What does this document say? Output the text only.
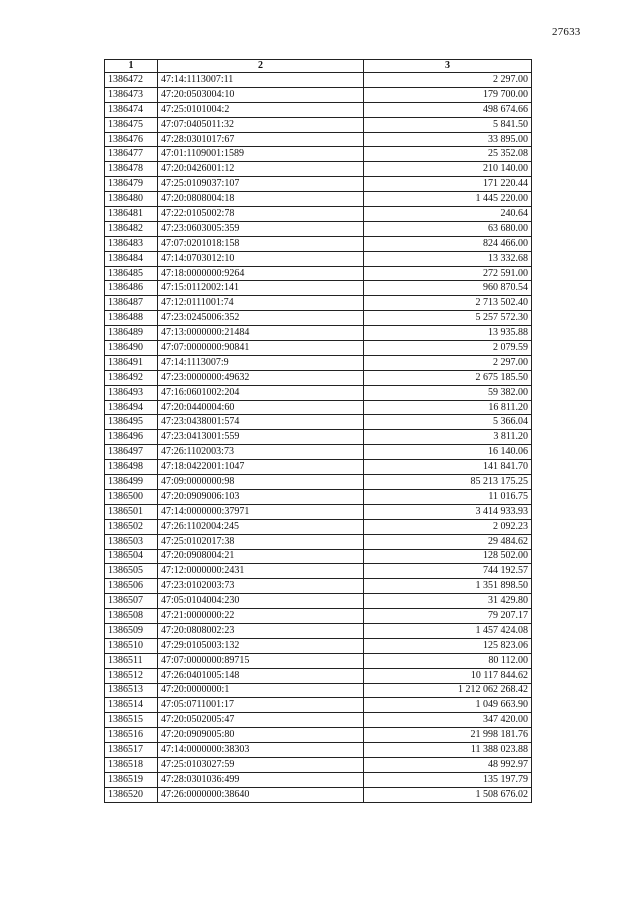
27633
1	2	3
1386472	47:14:1113007:11	2 297.00
1386473	47:20:0503004:10	179 700.00
1386474	47:25:0101004:2	498 674.66
1386475	47:07:0405011:32	5 841.50
1386476	47:28:0301017:67	33 895.00
1386477	47:01:1109001:1589	25 352.08
1386478	47:20:0426001:12	210 140.00
1386479	47:25:0109037:107	171 220.44
1386480	47:20:0808004:18	1 445 220.00
1386481	47:22:0105002:78	240.64
1386482	47:23:0603005:359	63 680.00
1386483	47:07:0201018:158	824 466.00
1386484	47:14:0703012:10	13 332.68
1386485	47:18:0000000:9264	272 591.00
1386486	47:15:0112002:141	960 870.54
1386487	47:12:0111001:74	2 713 502.40
1386488	47:23:0245006:352	5 257 572.30
1386489	47:13:0000000:21484	13 935.88
1386490	47:07:0000000:90841	2 079.59
1386491	47:14:1113007:9	2 297.00
1386492	47:23:0000000:49632	2 675 185.50
1386493	47:16:0601002:204	59 382.00
1386494	47:20:0440004:60	16 811.20
1386495	47:23:0438001:574	5 366.04
1386496	47:23:0413001:559	3 811.20
1386497	47:26:1102003:73	16 140.06
1386498	47:18:0422001:1047	141 841.70
1386499	47:09:0000000:98	85 213 175.25
1386500	47:20:0909006:103	11 016.75
1386501	47:14:0000000:37971	3 414 933.93
1386502	47:26:1102004:245	2 092.23
1386503	47:25:0102017:38	29 484.62
1386504	47:20:0908004:21	128 502.00
1386505	47:12:0000000:2431	744 192.57
1386506	47:23:0102003:73	1 351 898.50
1386507	47:05:0104004:230	31 429.80
1386508	47:21:0000000:22	79 207.17
1386509	47:20:0808002:23	1 457 424.08
1386510	47:29:0105003:132	125 823.06
1386511	47:07:0000000:89715	80 112.00
1386512	47:26:0401005:148	10 117 844.62
1386513	47:20:0000000:1	1 212 062 268.42
1386514	47:05:0711001:17	1 049 663.90
1386515	47:20:0502005:47	347 420.00
1386516	47:20:0909005:80	21 998 181.76
1386517	47:14:0000000:38303	11 388 023.88
1386518	47:25:0103027:59	48 992.97
1386519	47:28:0301036:499	135 197.79
1386520	47:26:0000000:38640	1 508 676.02
